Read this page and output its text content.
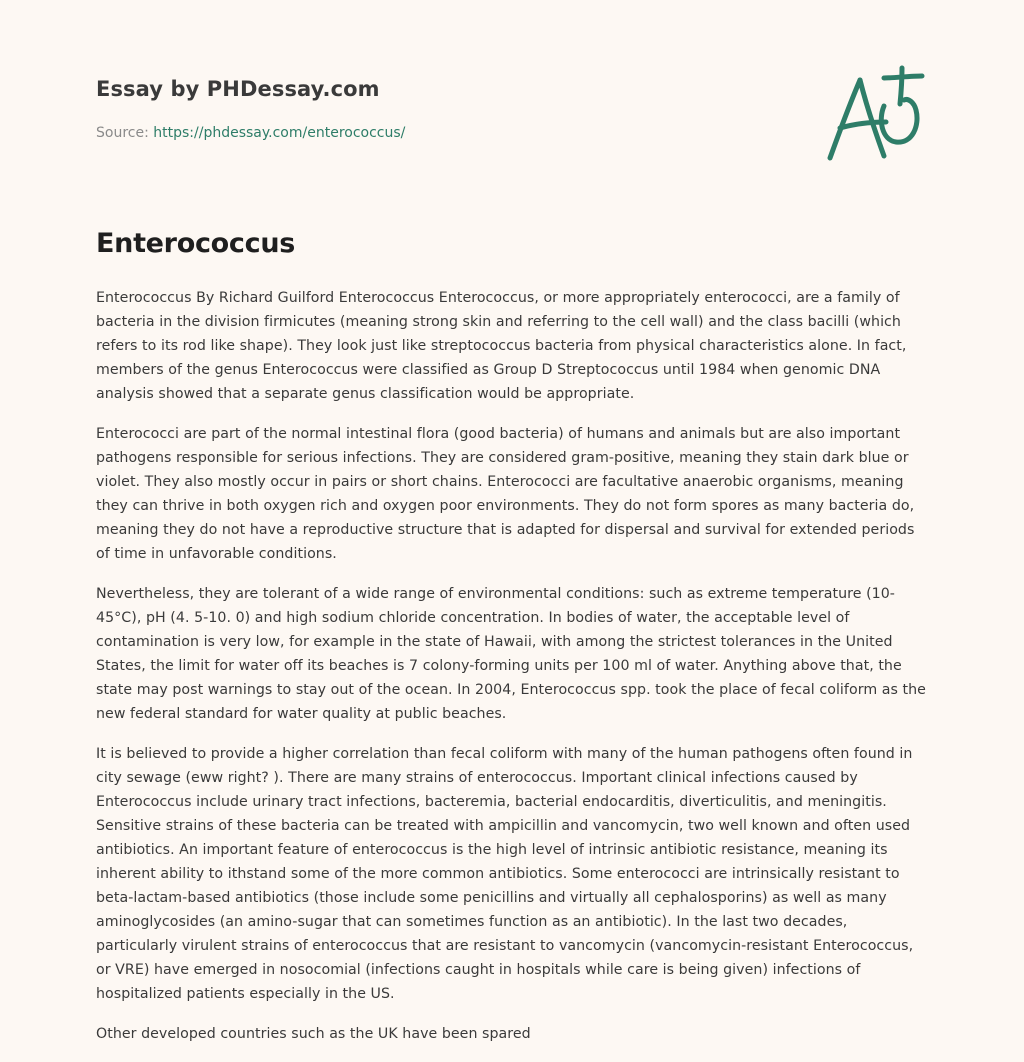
Essay by PHDessay.com
Source: https://phdessay.com/enterococcus/
Enterococcus

Enterococcus By Richard Guilford Enterococcus Enterococcus, or more appropriately enterococci, are a family of bacteria in the division firmicutes (meaning strong skin and referring to the cell wall) and the class bacilli (which refers to its rod like shape). They look just like streptococcus bacteria from physical characteristics alone. In fact, members of the genus Enterococcus were classified as Group D Streptococcus until 1984 when genomic DNA analysis showed that a separate genus classification would be appropriate.

Enterococci are part of the normal intestinal flora (good bacteria) of humans and animals but are also important pathogens responsible for serious infections. They are considered gram-positive, meaning they stain dark blue or violet. They also mostly occur in pairs or short chains. Enterococci are facultative anaerobic organisms, meaning they can thrive in both oxygen rich and oxygen poor environments. They do not form spores as many bacteria do, meaning they do not have a reproductive structure that is adapted for dispersal and survival for extended periods of time in unfavorable conditions.

Nevertheless, they are tolerant of a wide range of environmental conditions: such as extreme temperature (10-45°C), pH (4. 5-10. 0) and high sodium chloride concentration. In bodies of water, the acceptable level of contamination is very low, for example in the state of Hawaii, with among the strictest tolerances in the United States, the limit for water off its beaches is 7 colony-forming units per 100 ml of water. Anything above that, the state may post warnings to stay out of the ocean. In 2004, Enterococcus spp. took the place of fecal coliform as the new federal standard for water quality at public beaches.

It is believed to provide a higher correlation than fecal coliform with many of the human pathogens often found in city sewage (eww right? ). There are many strains of enterococcus. Important clinical infections caused by Enterococcus include urinary tract infections, bacteremia, bacterial endocarditis, diverticulitis, and meningitis. Sensitive strains of these bacteria can be treated with ampicillin and vancomycin, two well known and often used antibiotics. An important feature of enterococcus is the high level of intrinsic antibiotic resistance, meaning its inherent ability to ithstand some of the more common antibiotics. Some enterococci are intrinsically resistant to beta-lactam-based antibiotics (those include some penicillins and virtually all cephalosporins) as well as many aminoglycosides (an amino-sugar that can sometimes function as an antibiotic). In the last two decades, particularly virulent strains of enterococcus that are resistant to vancomycin (vancomycin-resistant Enterococcus, or VRE) have emerged in nosocomial (infections caught in hospitals while care is being given) infections of hospitalized patients especially in the US.

Other developed countries such as the UK have been spared
